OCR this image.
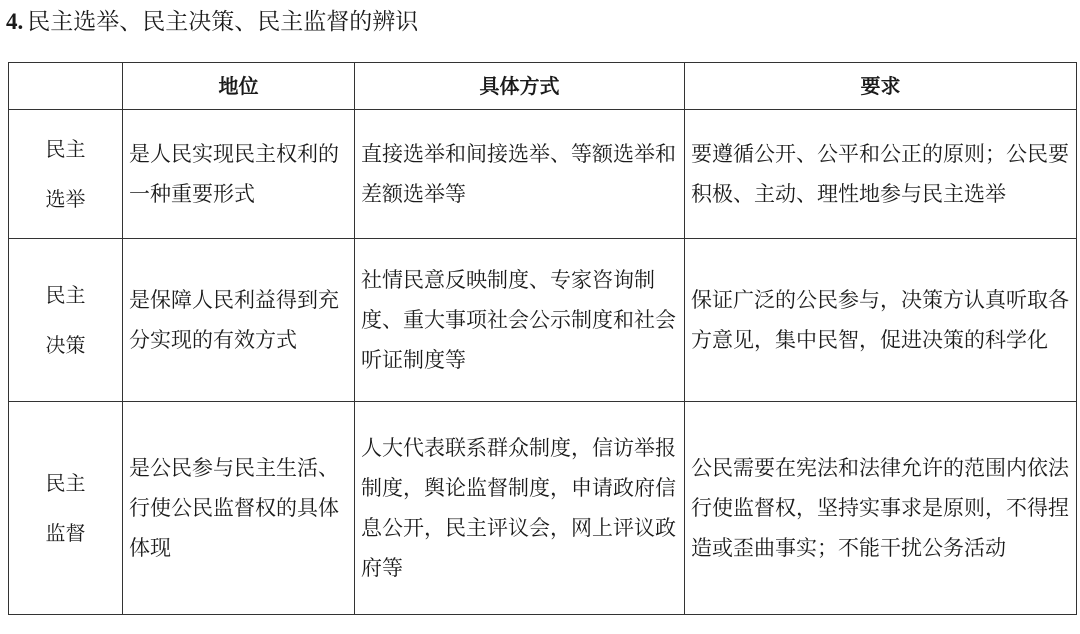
4. 民主选举、民主决策、民主监督的辨识
	地位	具体方式	要求

民主
选举	是人民实现民主权利的一种重要形式	直接选举和间接选举、等额选举和差额选举等	要遵循公开、公平和公正的原则；公民要积极、主动、理性地参与民主选举

民主
决策	是保障人民利益得到充分实现的有效方式	社情民意反映制度、专家咨询制度、重大事项社会公示制度和社会听证制度等	保证广泛的公民参与，决策方认真听取各方意见，集中民智，促进决策的科学化

民主
监督	是公民参与民主生活、行使公民监督权的具体体现	人大代表联系群众制度，信访举报制度，舆论监督制度，申请政府信息公开，民主评议会，网上评议政府等	公民需要在宪法和法律允许的范围内依法行使监督权，坚持实事求是原则，不得捏造或歪曲事实；不能干扰公务活动
